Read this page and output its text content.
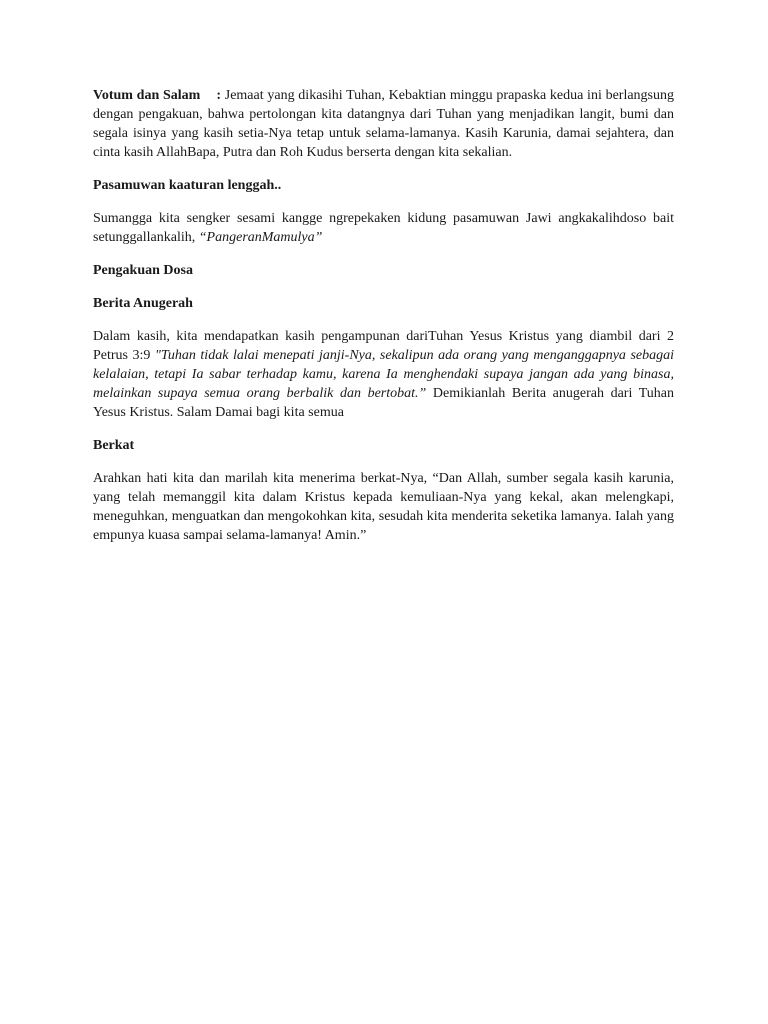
Votum dan Salam : Jemaat yang dikasihi Tuhan, Kebaktian minggu prapaska kedua ini berlangsung dengan pengakuan, bahwa pertolongan kita datangnya dari Tuhan yang menjadikan langit, bumi dan segala isinya yang kasih setia-Nya tetap untuk selama-lamanya. Kasih Karunia, damai sejahtera, dan cinta kasih AllahBapa, Putra dan Roh Kudus berserta dengan kita sekalian.

Pasamuwan kaaturan lenggah..

Sumangga kita sengker sesami kangge ngrepekaken kidung pasamuwan Jawi angkakalihdoso bait setunggallankalih, “PangeranMamulya”

Pengakuan Dosa

Berita Anugerah

Dalam kasih, kita mendapatkan kasih pengampunan dariTuhan Yesus Kristus yang diambil dari 2 Petrus 3:9 "Tuhan tidak lalai menepati janji-Nya, sekalipun ada orang yang menganggapnya sebagai kelalaian, tetapi Ia sabar terhadap kamu, karena Ia menghendaki supaya jangan ada yang binasa, melainkan supaya semua orang berbalik dan bertobat.” Demikianlah Berita anugerah dari Tuhan Yesus Kristus. Salam Damai bagi kita semua

Berkat

Arahkan hati kita dan marilah kita menerima berkat-Nya, “Dan Allah, sumber segala kasih karunia, yang telah memanggil kita dalam Kristus kepada kemuliaan-Nya yang kekal, akan melengkapi, meneguhkan, menguatkan dan mengokohkan kita, sesudah kita menderita seketika lamanya. Ialah yang empunya kuasa sampai selama-lamanya! Amin.”
